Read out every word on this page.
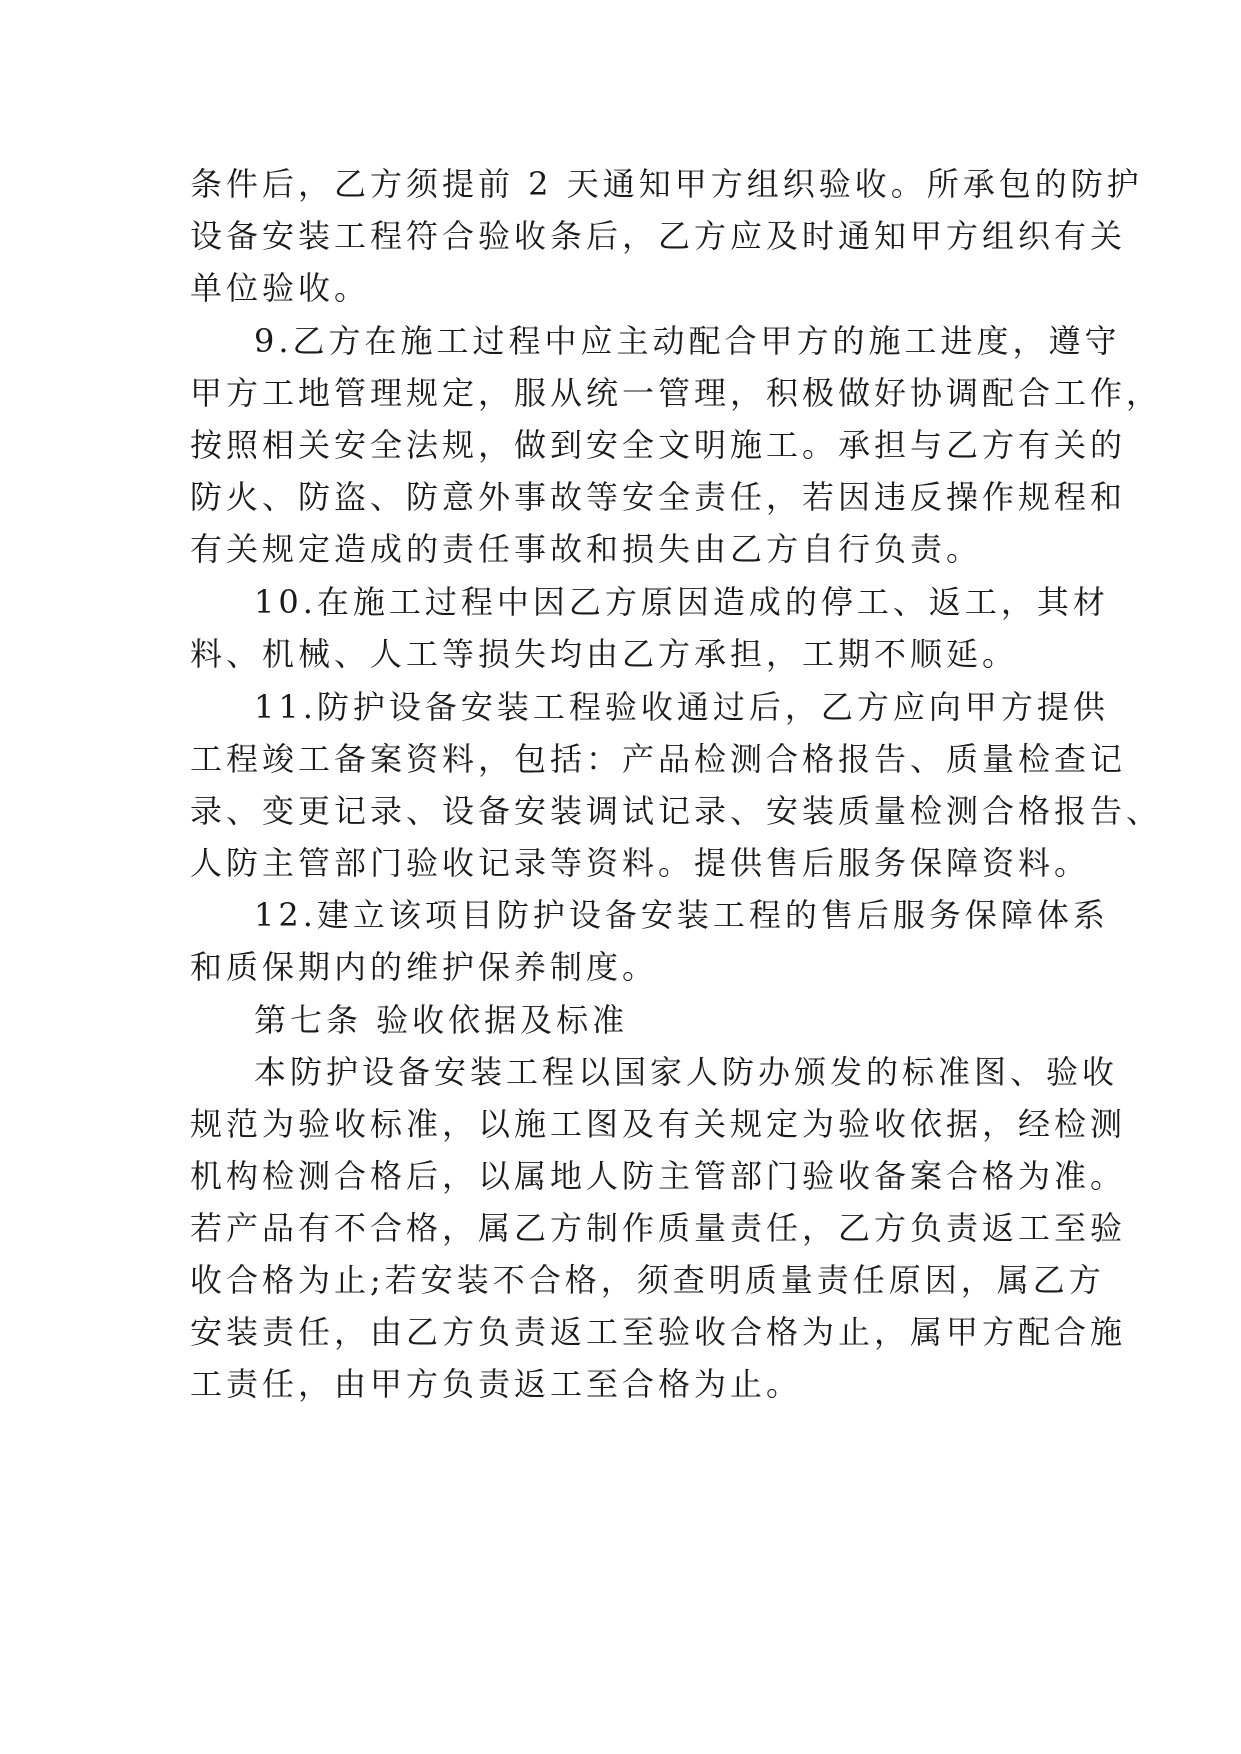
条件后，乙方须提前 2 天通知甲方组织验收。所承包的防护
设备安装工程符合验收条后，乙方应及时通知甲方组织有关
单位验收。
9.乙方在施工过程中应主动配合甲方的施工进度，遵守
甲方工地管理规定，服从统一管理，积极做好协调配合工作，
按照相关安全法规，做到安全文明施工。承担与乙方有关的
防火、防盗、防意外事故等安全责任，若因违反操作规程和
有关规定造成的责任事故和损失由乙方自行负责。
10.在施工过程中因乙方原因造成的停工、返工，其材
料、机械、人工等损失均由乙方承担，工期不顺延。
11.防护设备安装工程验收通过后，乙方应向甲方提供
工程竣工备案资料，包括：产品检测合格报告、质量检查记
录、变更记录、设备安装调试记录、安装质量检测合格报告、
人防主管部门验收记录等资料。提供售后服务保障资料。
12.建立该项目防护设备安装工程的售后服务保障体系
和质保期内的维护保养制度。
第七条 验收依据及标准
本防护设备安装工程以国家人防办颁发的标准图、验收
规范为验收标准，以施工图及有关规定为验收依据，经检测
机构检测合格后，以属地人防主管部门验收备案合格为准。
若产品有不合格，属乙方制作质量责任，乙方负责返工至验
收合格为止;若安装不合格，须查明质量责任原因，属乙方
安装责任，由乙方负责返工至验收合格为止，属甲方配合施
工责任，由甲方负责返工至合格为止。
